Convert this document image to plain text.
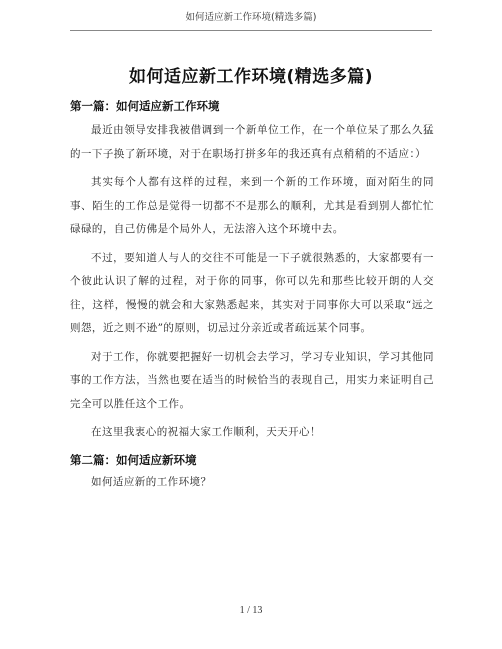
如何适应新工作环境(精选多篇)
如何适应新工作环境(精选多篇)
第一篇：如何适应新工作环境

最近由领导安排我被借调到一个新单位工作，在一个单位呆了那么久猛的一下子换了新环境，对于在职场打拼多年的我还真有点稍稍的不适应：）

其实每个人都有这样的过程，来到一个新的工作环境，面对陌生的同事、陌生的工作总是觉得一切都不不是那么的顺利，尤其是看到别人都忙忙碌碌的，自己仿佛是个局外人，无法溶入这个环境中去。

不过，要知道人与人的交往不可能是一下子就很熟悉的，大家都要有一个彼此认识了解的过程，对于你的同事，你可以先和那些比较开朗的人交往，这样，慢慢的就会和大家熟悉起来，其实对于同事你大可以采取“远之则怨，近之则不逊”的原则，切忌过分亲近或者疏远某个同事。

对于工作，你就要把握好一切机会去学习，学习专业知识，学习其他同事的工作方法，当然也要在适当的时候恰当的表现自己，用实力来证明自己完全可以胜任这个工作。

在这里我衷心的祝福大家工作顺利，天天开心！

第二篇：如何适应新环境

如何适应新的工作环境？

1 / 13
